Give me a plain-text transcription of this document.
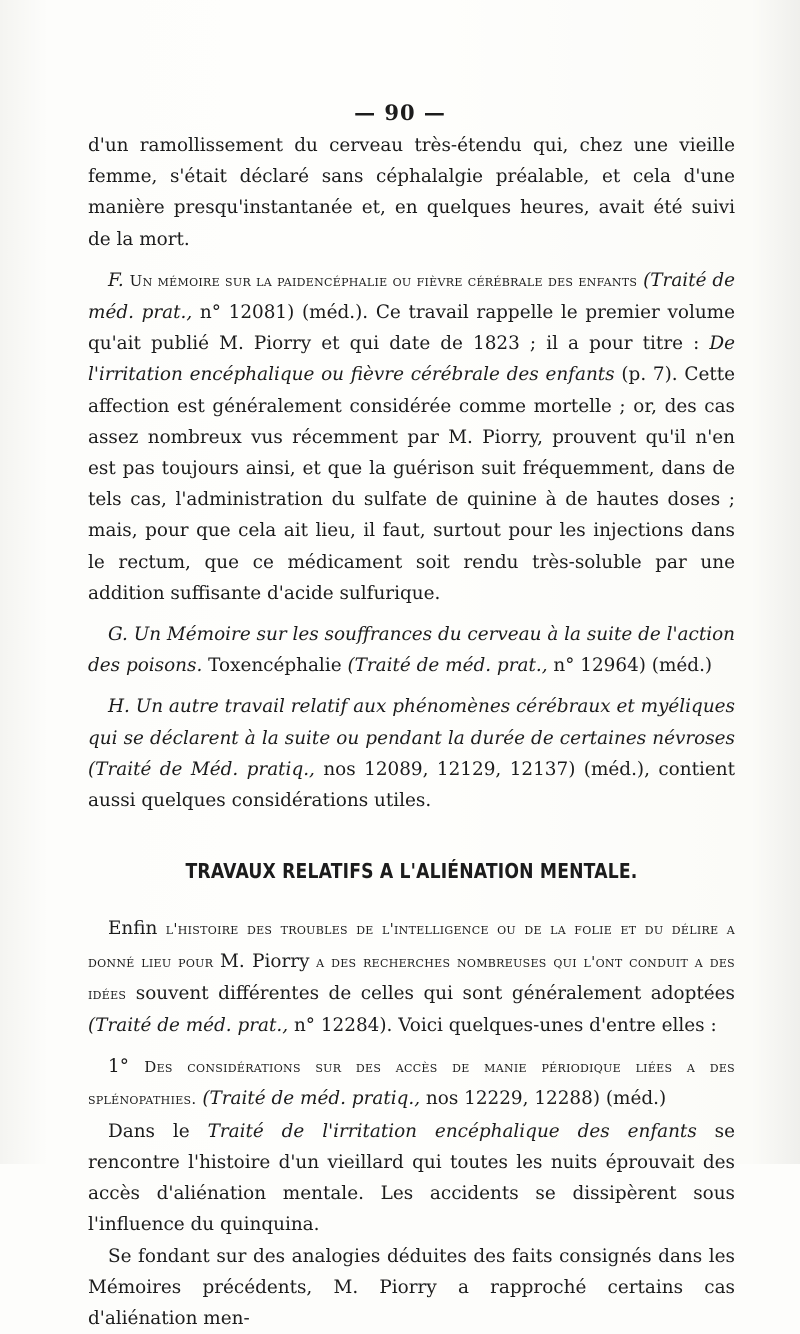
— 90 —

d'un ramollissement du cerveau très-étendu qui, chez une vieille femme, s'était déclaré sans céphalalgie préalable, et cela d'une manière presqu'instantanée et, en quelques heures, avait été suivi de la mort.

F. Un mémoire sur la paidencéphalie ou fièvre cérébrale des enfants (Traité de méd. prat., n° 12081) (méd.). Ce travail rappelle le premier volume qu'ait publié M. Piorry et qui date de 1823 ; il a pour titre : De l'irritation encéphalique ou fièvre cérébrale des enfants (p. 7). Cette affection est généralement considérée comme mortelle ; or, des cas assez nombreux vus récemment par M. Piorry, prouvent qu'il n'en est pas toujours ainsi, et que la guérison suit fréquemment, dans de tels cas, l'administration du sulfate de quinine à de hautes doses ; mais, pour que cela ait lieu, il faut, surtout pour les injections dans le rectum, que ce médicament soit rendu très-soluble par une addition suffisante d'acide sulfurique.

G. Un Mémoire sur les souffrances du cerveau à la suite de l'action des poisons. Toxencéphalie (Traité de méd. prat., n° 12964) (méd.)

H. Un autre travail relatif aux phénomènes cérébraux et myéliques qui se déclarent à la suite ou pendant la durée de certaines névroses (Traité de Méd. pratiq., nos 12089, 12129, 12137) (méd.), contient aussi quelques considérations utiles.

TRAVAUX RELATIFS A L'ALIÉNATION MENTALE.

Enfin l'histoire des troubles de l'intelligence ou de la folie et du délire a donné lieu pour M. Piorry a des recherches nombreuses qui l'ont conduit a des idées souvent différentes de celles qui sont généralement adoptées (Traité de méd. prat., n° 12284). Voici quelques-unes d'entre elles :

1° Des considérations sur des accès de manie périodique liées a des splénopathies. (Traité de méd. pratiq., nos 12229, 12288) (méd.)

Dans le Traité de l'irritation encéphalique des enfants se rencontre l'histoire d'un vieillard qui toutes les nuits éprouvait des accès d'aliénation mentale. Les accidents se dissipèrent sous l'influence du quinquina.

Se fondant sur des analogies déduites des faits consignés dans les Mémoires précédents, M. Piorry a rapproché certains cas d'aliénation men-
